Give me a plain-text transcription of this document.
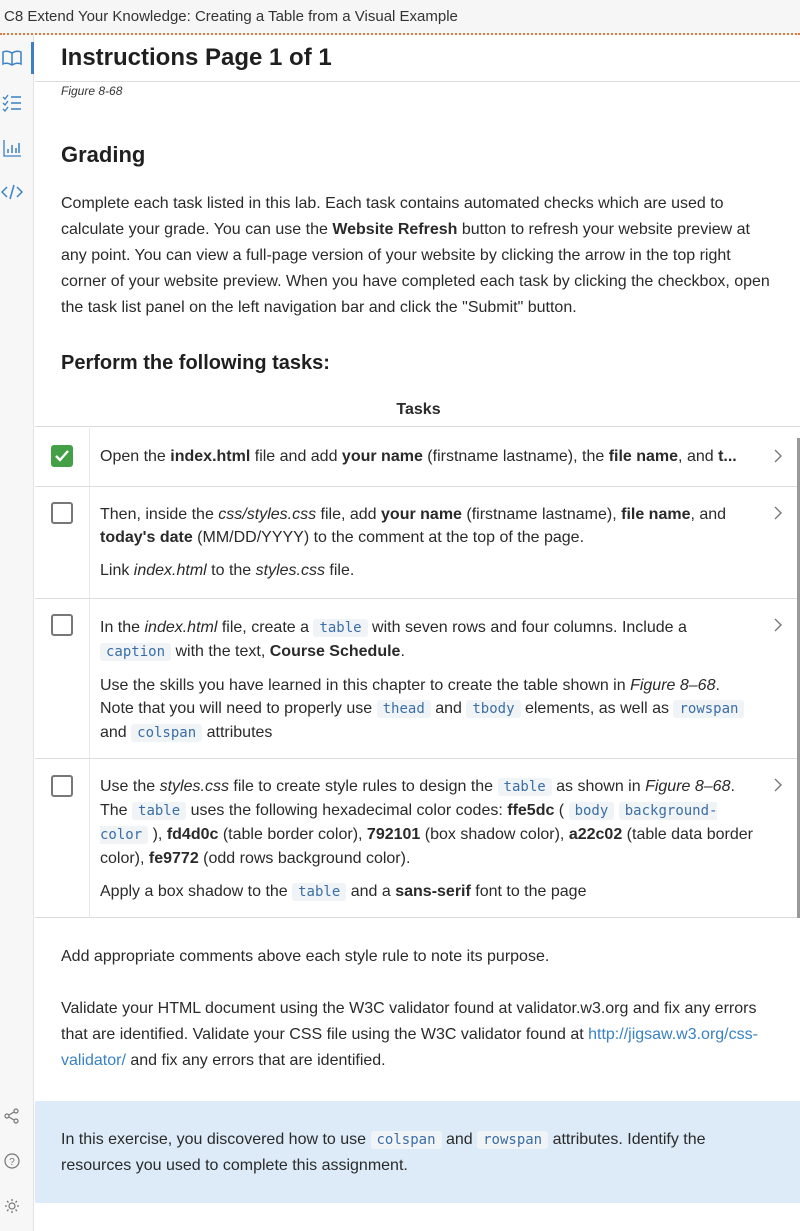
C8 Extend Your Knowledge: Creating a Table from a Visual Example
?
Instructions Page 1 of 1
Figure 8-68
Grading
Complete each task listed in this lab. Each task contains automated checks which are used to calculate your grade. You can use the Website Refresh button to refresh your website preview at any point. You can view a full-page version of your website by clicking the arrow in the top right corner of your website preview. When you have completed each task by clicking the checkbox, open the task list panel on the left navigation bar and click the "Submit" button.
Perform the following tasks:
Tasks
Open the index.html file and add your name (firstname lastname), the file name, and t...

Then, inside the css/styles.css file, add your name (firstname lastname), file name, and today's date (MM/DD/YYYY) to the comment at the top of the page.

Link index.html to the styles.css file.

In the index.html file, create a table with seven rows and four columns. Include a caption with the text, Course Schedule.

Use the skills you have learned in this chapter to create the table shown in Figure 8–68. Note that you will need to properly use thead and tbody elements, as well as rowspan and colspan attributes

Use the styles.css file to create style rules to design the table as shown in Figure 8–68. The table uses the following hexadecimal color codes: ffe5dc ( body background-color ), fd4d0c (table border color), 792101 (box shadow color), a22c02 (table data border color), fe9772 (odd rows background color).

Apply a box shadow to the table and a sans-serif font to the page

Add appropriate comments above each style rule to note its purpose.
Validate your HTML document using the W3C validator found at validator.w3.org and fix any errors that are identified. Validate your CSS file using the W3C validator found at http://jigsaw.w3.org/css-validator/ and fix any errors that are identified.
In this exercise, you discovered how to use colspan and rowspan attributes. Identify the resources you used to complete this assignment.
